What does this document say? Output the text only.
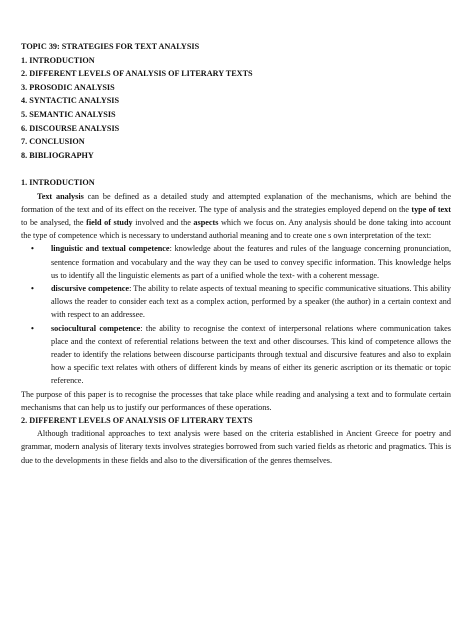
TOPIC 39: STRATEGIES FOR TEXT ANALYSIS
1. INTRODUCTION
2. DIFFERENT LEVELS OF ANALYSIS OF LITERARY TEXTS
3. PROSODIC ANALYSIS
4. SYNTACTIC ANALYSIS
5. SEMANTIC ANALYSIS
6. DISCOURSE ANALYSIS
7. CONCLUSION
8. BIBLIOGRAPHY
1. INTRODUCTION

Text analysis can be defined as a detailed study and attempted explanation of the mechanisms, which are behind the formation of the text and of its effect on the receiver. The type of analysis and the strategies employed depend on the type of text to be analysed, the field of study involved and the aspects which we focus on. Any analysis should be done taking into account the type of competence which is necessary to understand authorial meaning and to create one s own interpretation of the text:

• linguistic and textual competence: knowledge about the features and rules of the language concerning pronunciation, sentence formation and vocabulary and the way they can be used to convey specific information. This knowledge helps us to identify all the linguistic elements as part of a unified whole the text- with a coherent message.
• discursive competence: The ability to relate aspects of textual meaning to specific communicative situations. This ability allows the reader to consider each text as a complex action, performed by a speaker (the author) in a certain context and with respect to an addressee.
• sociocultural competence: the ability to recognise the context of interpersonal relations where communication takes place and the context of referential relations between the text and other discourses. This kind of competence allows the reader to identify the relations between discourse participants through textual and discursive features and also to explain how a specific text relates with others of different kinds by means of either its generic ascription or its thematic or topic reference.

The purpose of this paper is to recognise the processes that take place while reading and analysing a text and to formulate certain mechanisms that can help us to justify our performances of these operations.

2. DIFFERENT LEVELS OF ANALYSIS OF LITERARY TEXTS

Although traditional approaches to text analysis were based on the criteria established in Ancient Greece for poetry and grammar, modern analysis of literary texts involves strategies borrowed from such varied fields as rhetoric and pragmatics. This is due to the developments in these fields and also to the diversification of the genres themselves.
